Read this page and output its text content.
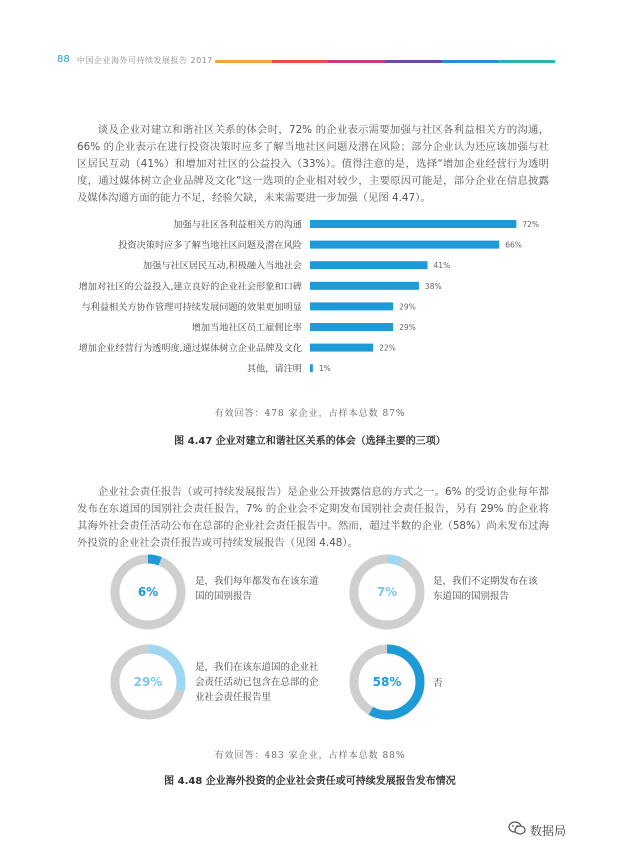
88 中国企业海外可持续发展报告 2017

谈及企业对建立和谐社区关系的体会时，72% 的企业表示需要加强与社区各利益相关方的沟通，66% 的企业表示在进行投资决策时应多了解当地社区问题及潜在风险；部分企业认为还应该加强与社区居民互动（41%）和增加对社区的公益投入（33%）。值得注意的是，选择“增加企业经营行为透明度，通过媒体树立企业品牌及文化”这一选项的企业相对较少，主要原因可能是，部分企业在信息披露及媒体沟通方面的能力不足，经验欠缺，未来需要进一步加强（见图 4.47）。

加强与社区各利益相关方的沟通	72%
投资决策时应多了解当地社区问题及潜在风险	66%
加强与社区居民互动,积极融入当地社会	41%
增加对社区的公益投入,建立良好的企业社会形象和口碑	38%
与利益相关方协作管理可持续发展问题的效果更加明显	29%
增加当地社区员工雇佣比率	29%
增加企业经营行为透明度,通过媒体树立企业品牌及文化	22%
其他，请注明 1%
有效回答：478 家企业，占样本总数 87%
图 4.47 企业对建立和谐社区关系的体会（选择主要的三项）

企业社会责任报告（或可持续发展报告）是企业公开披露信息的方式之一。6% 的受访企业每年都发布在东道国的国别社会责任报告，7% 的企业会不定期发布国别社会责任报告，另有 29% 的企业将其海外社会责任活动公布在总部的企业社会责任报告中。然而，超过半数的企业（58%）尚未发布过海外投资的企业社会责任报告或可持续发展报告（见图 4.48）。

6%
是，我们每年都发布在该东道国的国别报告	7%
是，我们不定期发布在该东道国的国别报告
29%
是，我们在该东道国的企业社会责任活动已包含在总部的企业社会责任报告里
58%	否
有效回答：483 家企业，占样本总数 88%
图 4.48 企业海外投资的企业社会责任或可持续发展报告发布情况
数据局
